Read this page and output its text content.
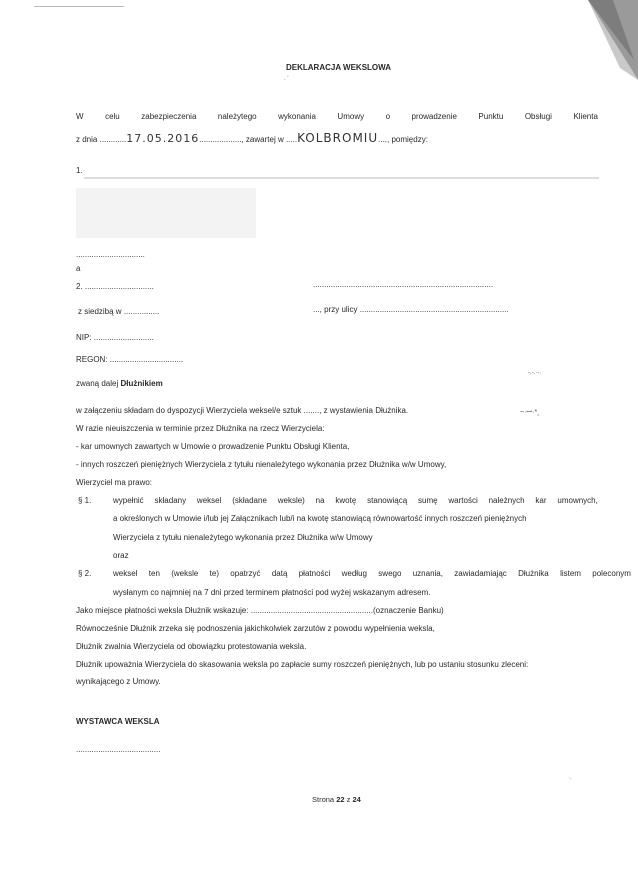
DEKLARACJA WEKSLOWA
. '
W	celu	zabezpieczenia	należytego	wykonania	Umowy	o	prowadzenie	Punktu	Obsługi	Klienta
z dnia ............17.05.2016..................., zawartej w .....KOLBROMIU...., pomiędzy:
1.
...............................
a
2. ...............................	.................................................................................
z siedzibą w ................	..., przy ulicy ...................................................................
NIP: ...........................
REGON: .................................
zwaną dalej Dłużnikiem
-.-.·-.
~·ꟷ·*ꞈ
w załączeniu składam do dyspozycji Wierzyciela weksel/e sztuk ......., z wystawienia Dłużnika.
W razie nieuiszczenia w terminie przez Dłużnika na rzecz Wierzyciela:
- kar umownych zawartych w Umowie o prowadzenie Punktu Obsługi Klienta,
- innych roszczeń pieniężnych Wierzyciela z tytułu nienależytego wykonania przez Dłużnika w/w Umowy,
Wierzyciel ma prawo:
§ 1.	wypełnić składany weksel (składane weksle) na kwotę stanowiącą sumę wartości należnych kar umownych,
a określonych w Umowie i/lub jej Załącznikach lub/i na kwotę stanowiącą równowartość innych roszczeń pieniężnych
Wierzyciela z tytułu nienależytego wykonania przez Dłużnika w/w Umowy
oraz
§ 2.	weksel ten (weksle te) opatrzyć datą płatności według swego uznania, zawiadamiając Dłużnika listem poleconym
wysłanym co najmniej na 7 dni przed terminem płatności pod wyżej wskazanym adresem.
Jako miejsce płatności weksla Dłużnik wskazuje: .......................................................(oznaczenie Banku)
Równocześnie Dłużnik zrzeka się podnoszenia jakichkolwiek zarzutów z powodu wypełnienia weksla,
Dłużnik zwalnia Wierzyciela od obowiązku protestowania weksla.
Dłużnik upoważnia Wierzyciela do skasowania weksla po zapłacie sumy roszczeń pieniężnych, lub po ustaniu stosunku zleceni:
wynikającego z Umowy.
WYSTAWCA WEKSLA
......................................
·,
Strona 22 z 24
